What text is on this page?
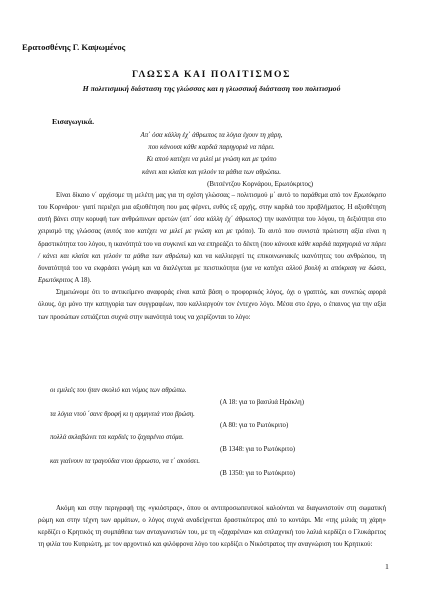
Ερατοσθένης Γ. Καψωμένος
ΓΛΩΣΣΑ ΚΑΙ ΠΟΛΙΤΙΣΜΟΣ
Η πολιτισμική διάσταση της γλώσσας και η γλωσσική διάσταση του πολιτισμού
Εισαγωγικά.
Απ΄ όσα κάλλη έχ΄ άθρωπος τα λόγια έχουν τη χάρη,
που κάνουσι κάθε καρδιά παρηγοριά να πάρει.
Κι απού κατέχει να μιλεί με γνώση και με τρόπο
κάνει και κλαίσι και γελούν τα μάθια των αθρώπω.
(Βιτσέντζου Κορνάρου, Ερωτόκριτος)

Είναι δίκαιο ν΄ αρχίσομε τη μελέτη μας για τη σχέση γλώσσας – πολιτισμού μ΄ αυτό το παράθεμα από τον Ερωτόκριτο του Κορνάρου· γιατί περιέχει μια αξιοθέτηση που μας φέρνει, ευθύς εξ αρχής, στην καρδιά του προβλήματος. Η αξιοθέτηση αυτή βάνει στην κορυφή των ανθρώπινων αρετών (απ΄ όσα κάλλη έχ΄ άθρωπος) την ικανότητα του λόγου, τη δεξιότητα στο χειρισμό της γλώσσας (αυτός που κατέχει να μιλεί με γνώση και με τρόπο). Το αυτό που συνιστά πρώτιστη αξία είναι η δραστικότητα του λόγου, η ικανότητά του να συγκινεί και να επηρεάζει το δέκτη (που κάνουσι κάθε καρδιά παρηγοριά να πάρει / κάνει και κλαίσι και γελούν τα μάθια των αθρώπω) και να καλλιεργεί τις επικοινωνιακές ικανότητες του ανθρώπου, τη δυνατότητά του να εκφράσει γνώμη και να διαλέγεται με πειστικότητα (για να κατέχει αλλού βουλή κι απόκριση να δώσει, Ερωτόκριτος Α 18).

Σημειώνομε ότι το αντικείμενο αναφοράς είναι κατά βάση ο προφορικός λόγος, όχι ο γραπτός, και συνεπώς αφορά όλους, όχι μόνο την κατηγορία των συγγραφέων, που καλλιεργούν τον έντεχνο λόγο. Μέσα στο έργο, ο έπαινος για την αξία των προσώπων εστιάζεται συχνά στην ικανότητά τους να χειρίζονται το λόγο:

οι εμιλιές του ήταν σκολιό και νόμος των αθρώπω.
(Α 18: για το βασιλιά Ηράκλη)
τα λόγια ντού ΄σανε θροφή κι η αρμηνειά ντου βρώση.
(Α 80: για το Ρωτόκριτο)
πολλά σκλαβώνει τσι καρδιές το ζαχαρένιο στόμα.
(Β 1348: για το Ρωτόκριτο)
και γιαίνουν τα τραγούδια ντου άρρωστο, να τ΄ ακούσει.
(Β 1350: για το Ρωτόκριτο)

Ακόμη και στην περιγραφή της «γκιόστρας», όπου οι αντιπροσωπευτικοί καλούνται να διαγωνιστούν στη σωματική ρώμη και στην τέχνη των αρμάτων, ο λόγος συχνά αναδείχνεται δραστικότερος από το κοντάρι. Με «της μιλιάς τη χάρη» κερδίζει ο Κρητικός τη συμπάθεια των ανταγωνιστών του, με τη «ζαχαρένια» και σπλαχνική του λαλιά κερδίζει ο Γλυκάρετος τη φιλία του Κυπριώτη, με τον αρχοντικό και φιλόφρονα λόγο του κερδίζει ο Νικόστρατος την αναγνώριση του Κρητικού:

1
